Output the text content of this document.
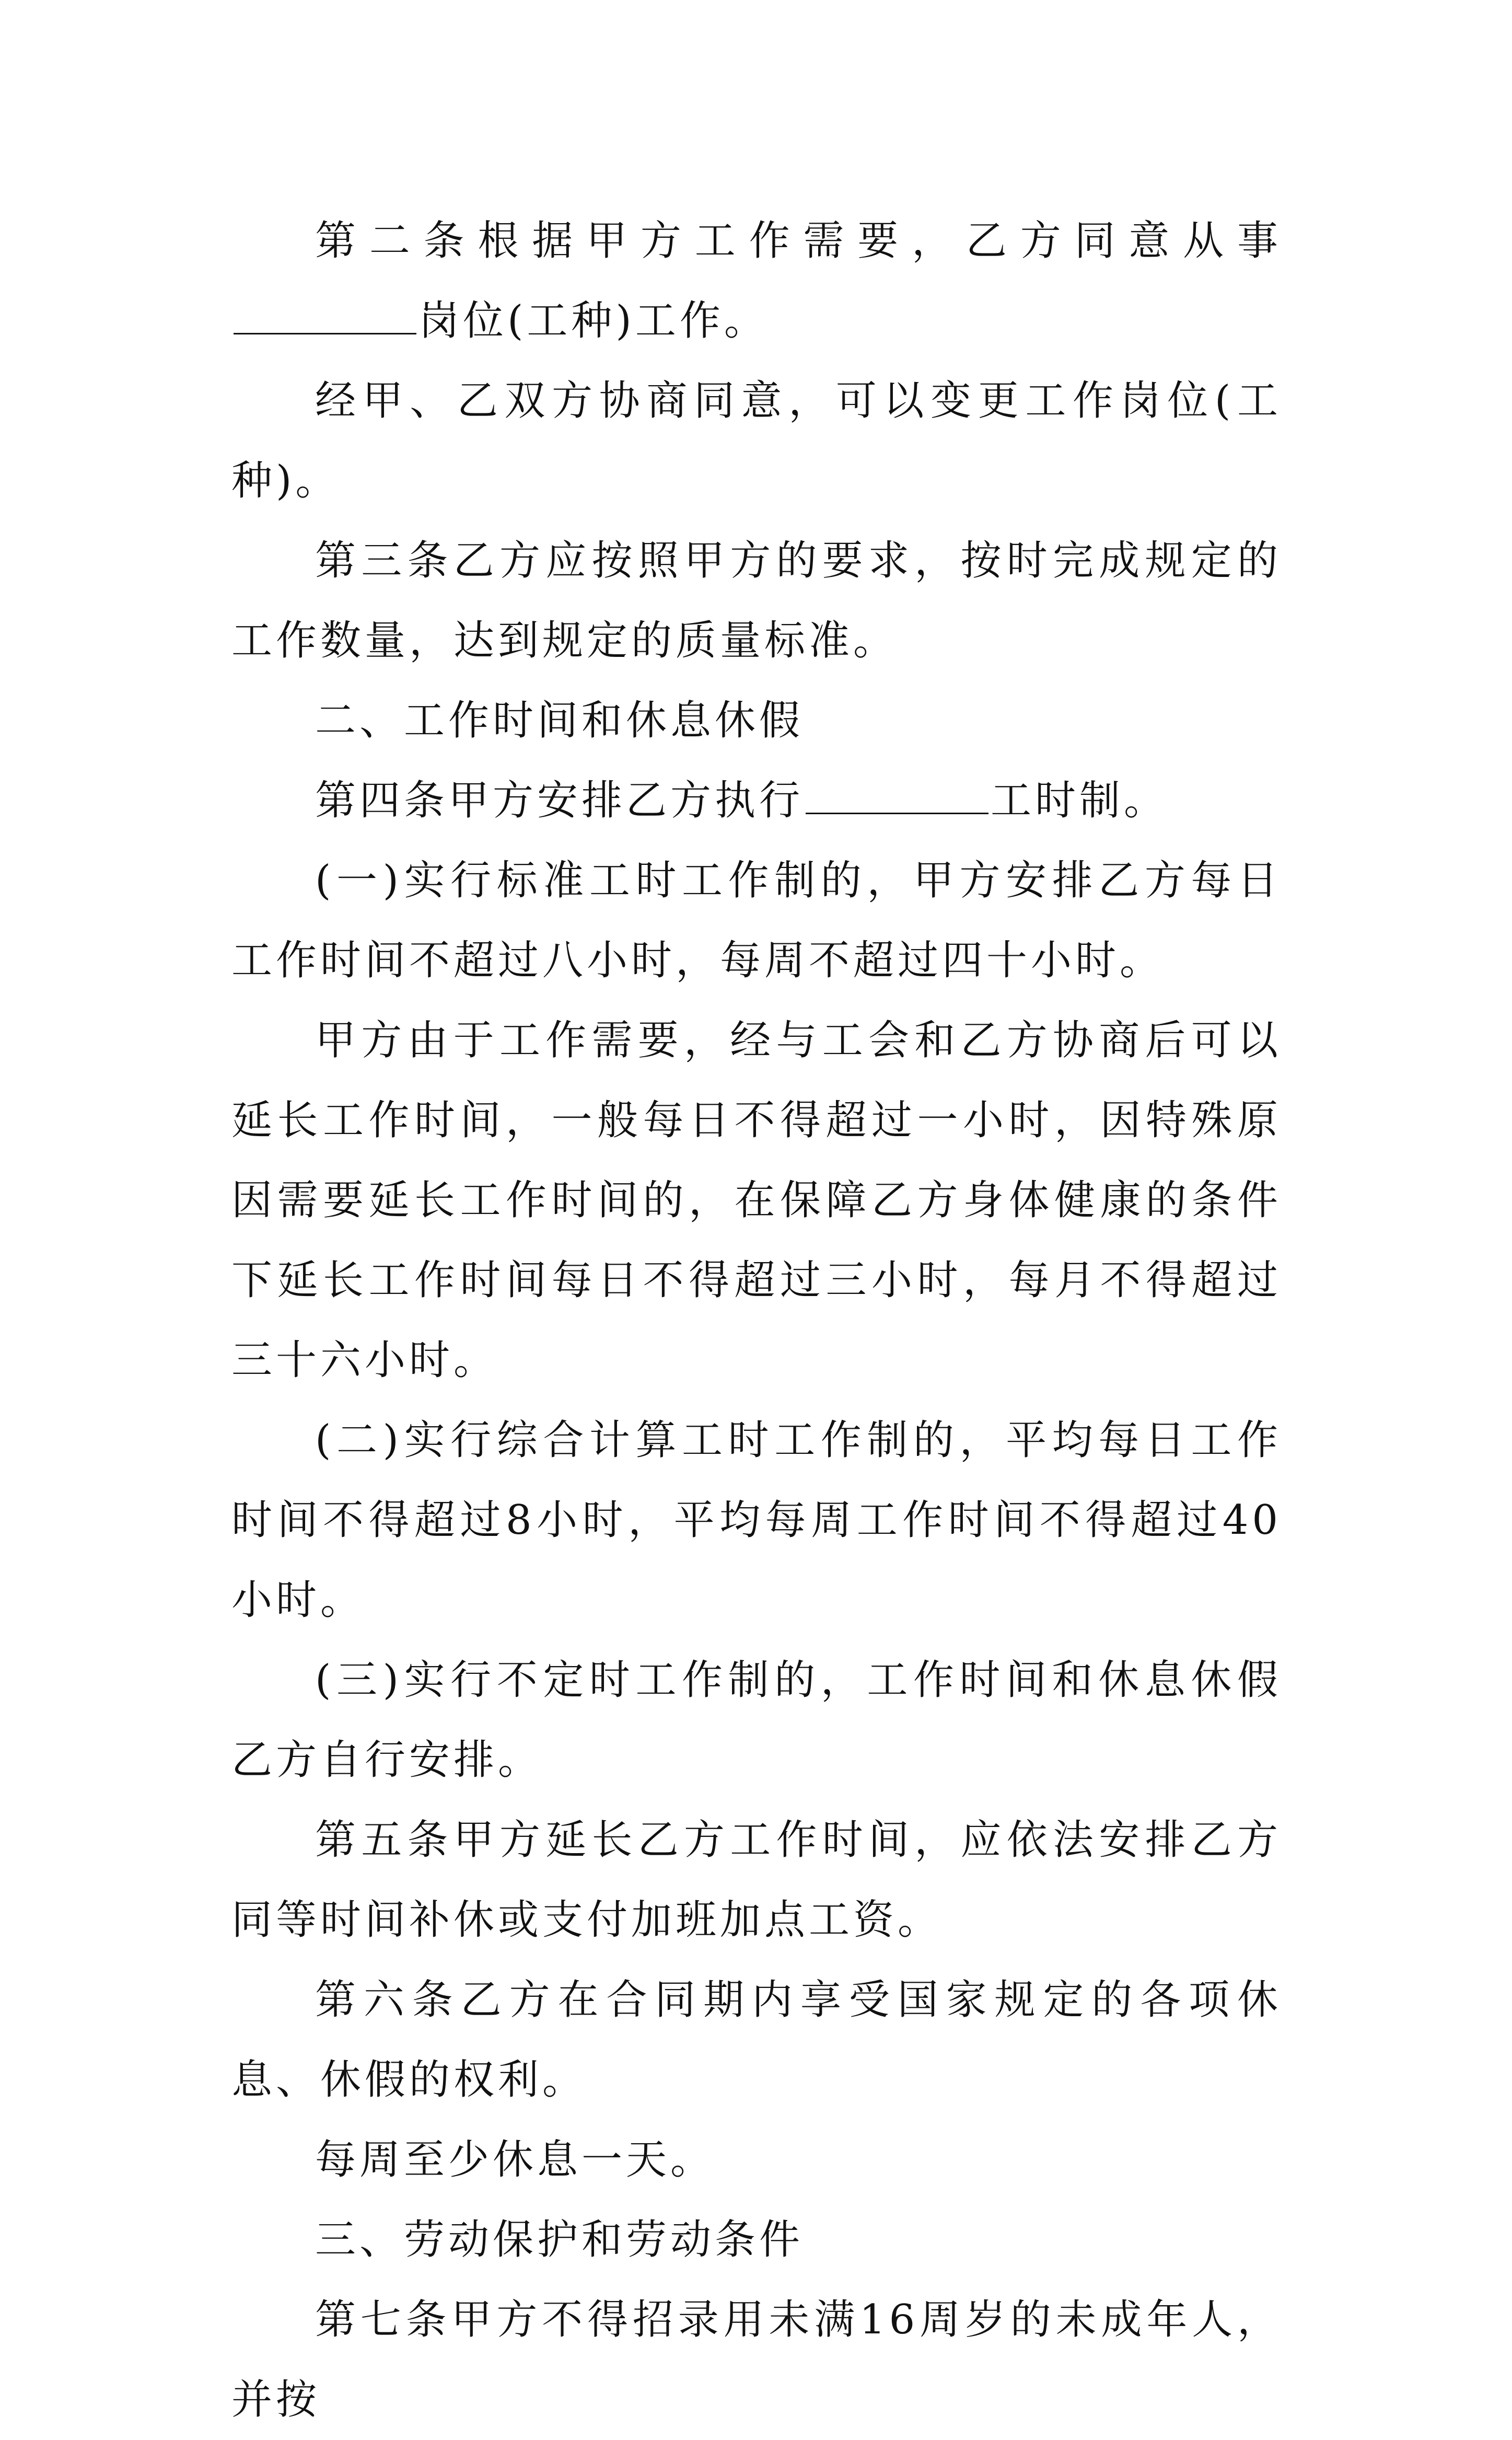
第二条根据甲方工作需要，乙方同意从事岗位(工种)工作。

经甲、乙双方协商同意，可以变更工作岗位(工种)。

第三条乙方应按照甲方的要求，按时完成规定的工作数量，达到规定的质量标准。

二、工作时间和休息休假

第四条甲方安排乙方执行	工时制。

(一)实行标准工时工作制的，甲方安排乙方每日工作时间不超过八小时，每周不超过四十小时。

甲方由于工作需要，经与工会和乙方协商后可以延长工作时间，一般每日不得超过一小时，因特殊原因需要延长工作时间的，在保障乙方身体健康的条件下延长工作时间每日不得超过三小时，每月不得超过三十六小时。

(二)实行综合计算工时工作制的，平均每日工作时间不得超过8小时，平均每周工作时间不得超过40小时。

(三)实行不定时工作制的，工作时间和休息休假乙方自行安排。

第五条甲方延长乙方工作时间，应依法安排乙方同等时间补休或支付加班加点工资。

第六条乙方在合同期内享受国家规定的各项休息、休假的权利。

每周至少休息一天。

三、劳动保护和劳动条件

第七条甲方不得招录用未满16周岁的未成年人，并按
